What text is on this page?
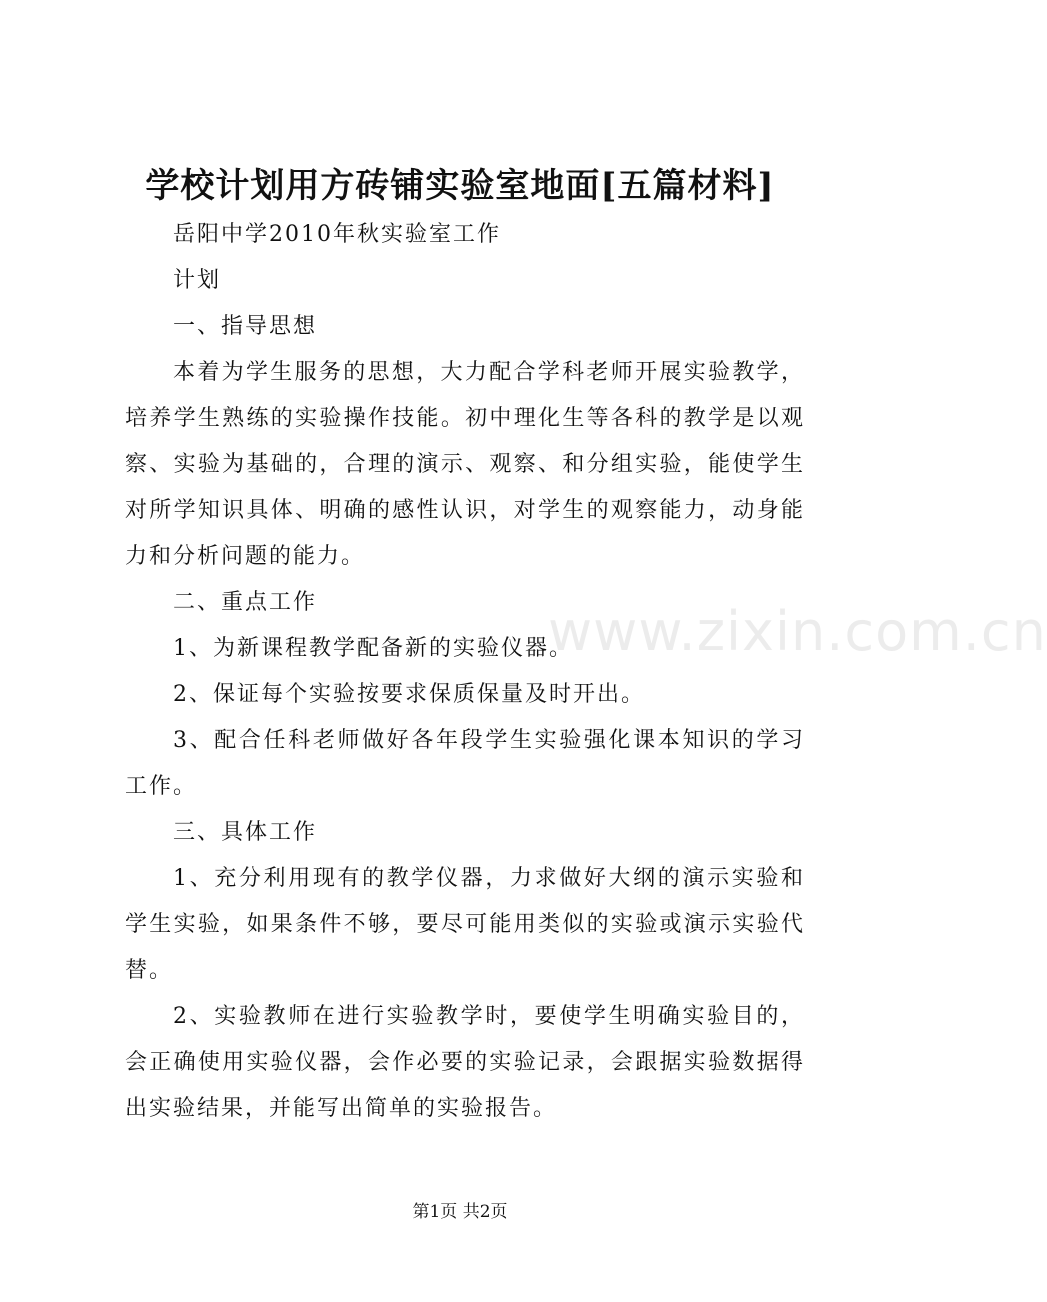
学校计划用方砖铺实验室地面[五篇材料]

岳阳中学2010年秋实验室工作

计划

一、指导思想

本着为学生服务的思想，大力配合学科老师开展实验教学，培养学生熟练的实验操作技能。初中理化生等各科的教学是以观察、实验为基础的，合理的演示、观察、和分组实验，能使学生对所学知识具体、明确的感性认识，对学生的观察能力，动身能力和分析问题的能力。

二、重点工作

1、为新课程教学配备新的实验仪器。

2、保证每个实验按要求保质保量及时开出。

3、配合任科老师做好各年段学生实验强化课本知识的学习工作。

三、具体工作

1、充分利用现有的教学仪器，力求做好大纲的演示实验和学生实验，如果条件不够，要尽可能用类似的实验或演示实验代替。

2、实验教师在进行实验教学时，要使学生明确实验目的，会正确使用实验仪器，会作必要的实验记录，会跟据实验数据得出实验结果，并能写出简单的实验报告。

www.zixin.com.cn
第1页 共2页
